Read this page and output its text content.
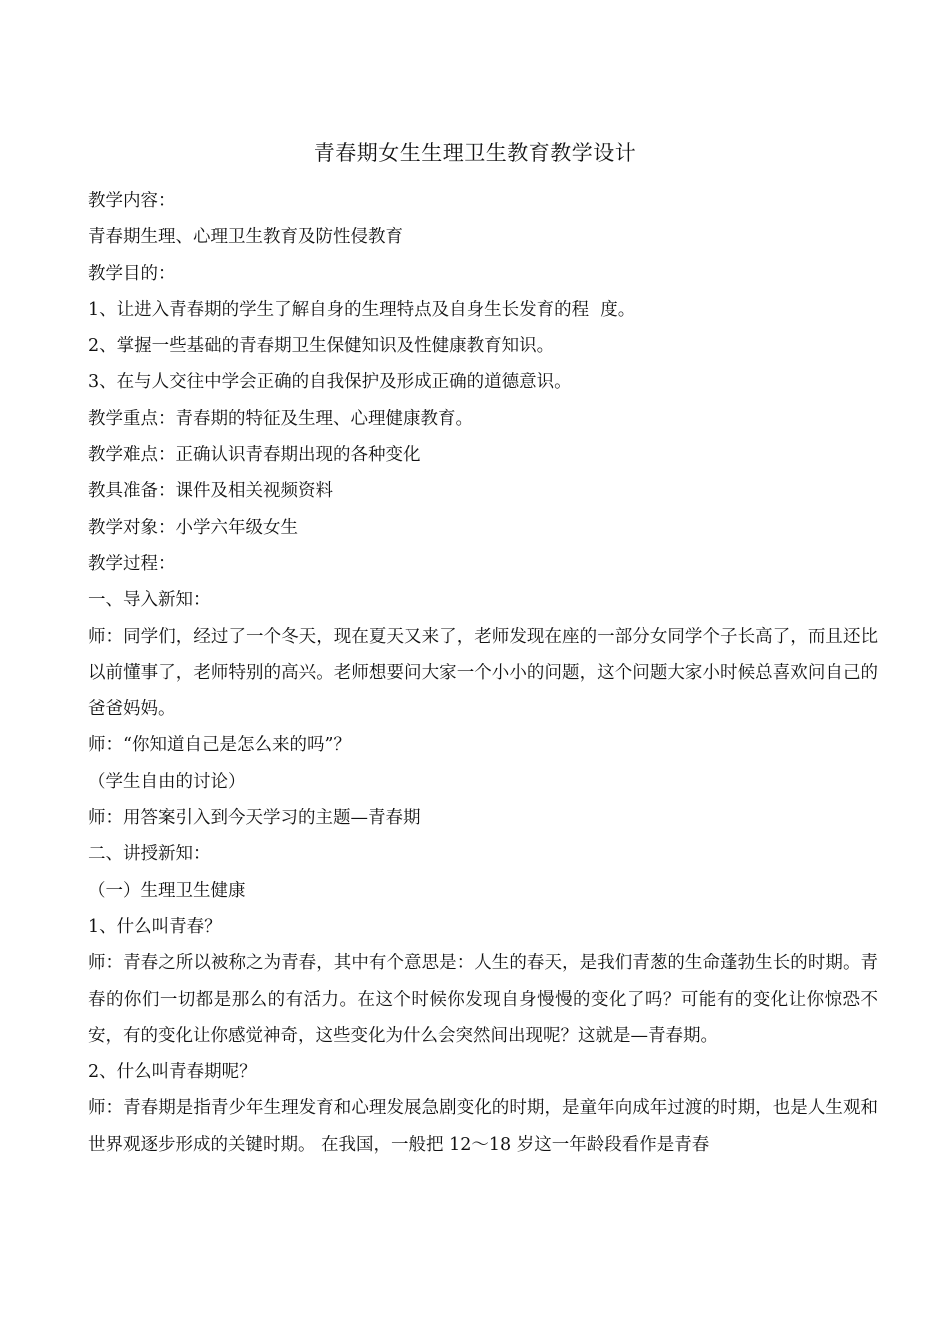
青春期女生生理卫生教育教学设计

教学内容：

青春期生理、心理卫生教育及防性侵教育

教学目的：

1、让进入青春期的学生了解自身的生理特点及自身生长发育的程  度。

2、掌握一些基础的青春期卫生保健知识及性健康教育知识。

3、在与人交往中学会正确的自我保护及形成正确的道德意识。

教学重点：青春期的特征及生理、心理健康教育。

教学难点：正确认识青春期出现的各种变化

教具准备：课件及相关视频资料

教学对象：小学六年级女生

教学过程：

一、导入新知：

师：同学们，经过了一个冬天，现在夏天又来了，老师发现在座的一部分女同学个子长高了，而且还比以前懂事了，老师特别的高兴。老师想要问大家一个小小的问题，这个问题大家小时候总喜欢问自己的爸爸妈妈。

师：“你知道自己是怎么来的吗”？

（学生自由的讨论）

师：用答案引入到今天学习的主题—青春期

二、讲授新知：

（一）生理卫生健康

1、什么叫青春？

师：青春之所以被称之为青春，其中有个意思是：人生的春天，是我们青葱的生命蓬勃生长的时期。青春的你们一切都是那么的有活力。在这个时候你发现自身慢慢的变化了吗？可能有的变化让你惊恐不安，有的变化让你感觉神奇，这些变化为什么会突然间出现呢？这就是—青春期。

2、什么叫青春期呢？

师：青春期是指青少年生理发育和心理发展急剧变化的时期，是童年向成年过渡的时期，也是人生观和世界观逐步形成的关键时期。 在我国，一般把 12～18 岁这一年龄段看作是青春
